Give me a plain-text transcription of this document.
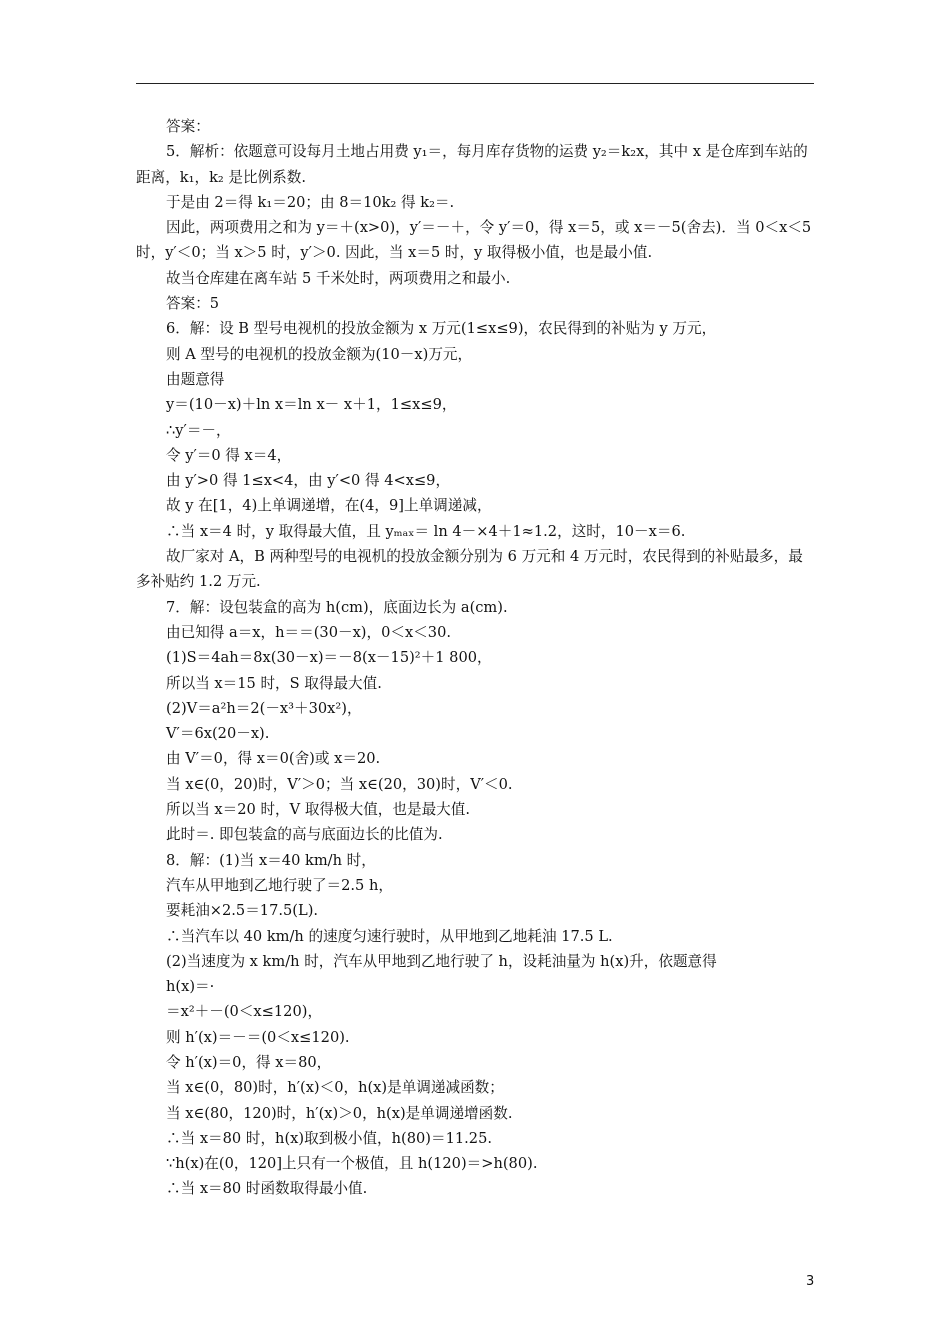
答案：

5．解析：依题意可设每月土地占用费 y₁＝，每月库存货物的运费 y₂＝k₂x，其中 x 是仓库到车站的距离，k₁，k₂ 是比例系数.

于是由 2＝得 k₁＝20；由 8＝10k₂ 得 k₂＝.

因此，两项费用之和为 y＝＋(x>0)，y′＝－＋，令 y′＝0，得 x＝5，或 x＝－5(舍去)．当 0＜x＜5 时，y′＜0；当 x＞5 时，y′＞0. 因此，当 x＝5 时，y 取得极小值，也是最小值.

故当仓库建在离车站 5 千米处时，两项费用之和最小.

答案：5

6．解：设 B 型号电视机的投放金额为 x 万元(1≤x≤9)，农民得到的补贴为 y 万元，

则 A 型号的电视机的投放金额为(10－x)万元，

由题意得

y＝(10－x)＋ln x＝ln x－ x＋1，1≤x≤9，

∴y′＝－，

令 y′＝0 得 x＝4，

由 y′>0 得 1≤x<4，由 y′<0 得 4<x≤9，

故 y 在[1，4)上单调递增，在(4，9]上单调递减，

∴当 x＝4 时，y 取得最大值，且 yₘₐₓ＝ ln 4－×4＋1≈1.2，这时，10－x＝6.

故厂家对 A，B 两种型号的电视机的投放金额分别为 6 万元和 4 万元时，农民得到的补贴最多，最多补贴约 1.2 万元.

7．解：设包装盒的高为 h(cm)，底面边长为 a(cm).

由已知得 a＝x，h＝＝(30－x)，0＜x＜30.

(1)S＝4ah＝8x(30－x)＝－8(x－15)²＋1 800，

所以当 x＝15 时，S 取得最大值.

(2)V＝a²h＝2(－x³＋30x²)，

V′＝6x(20－x).

由 V′＝0，得 x＝0(舍)或 x＝20.

当 x∈(0，20)时，V′＞0；当 x∈(20，30)时，V′＜0.

所以当 x＝20 时，V 取得极大值，也是最大值.

此时＝. 即包装盒的高与底面边长的比值为.

8．解：(1)当 x＝40 km/h 时，

汽车从甲地到乙地行驶了＝2.5 h，

要耗油×2.5＝17.5(L).

∴当汽车以 40 km/h 的速度匀速行驶时，从甲地到乙地耗油 17.5 L.

(2)当速度为 x km/h 时，汽车从甲地到乙地行驶了 h，设耗油量为 h(x)升，依题意得

h(x)＝·

＝x²＋－(0＜x≤120)，

则 h′(x)＝－＝(0＜x≤120).

令 h′(x)＝0，得 x＝80，

当 x∈(0，80)时，h′(x)＜0，h(x)是单调递减函数；

当 x∈(80，120)时，h′(x)＞0，h(x)是单调递增函数.

∴当 x＝80 时，h(x)取到极小值，h(80)＝11.25.

∵h(x)在(0，120]上只有一个极值，且 h(120)＝>h(80).

∴当 x＝80 时函数取得最小值.

3
